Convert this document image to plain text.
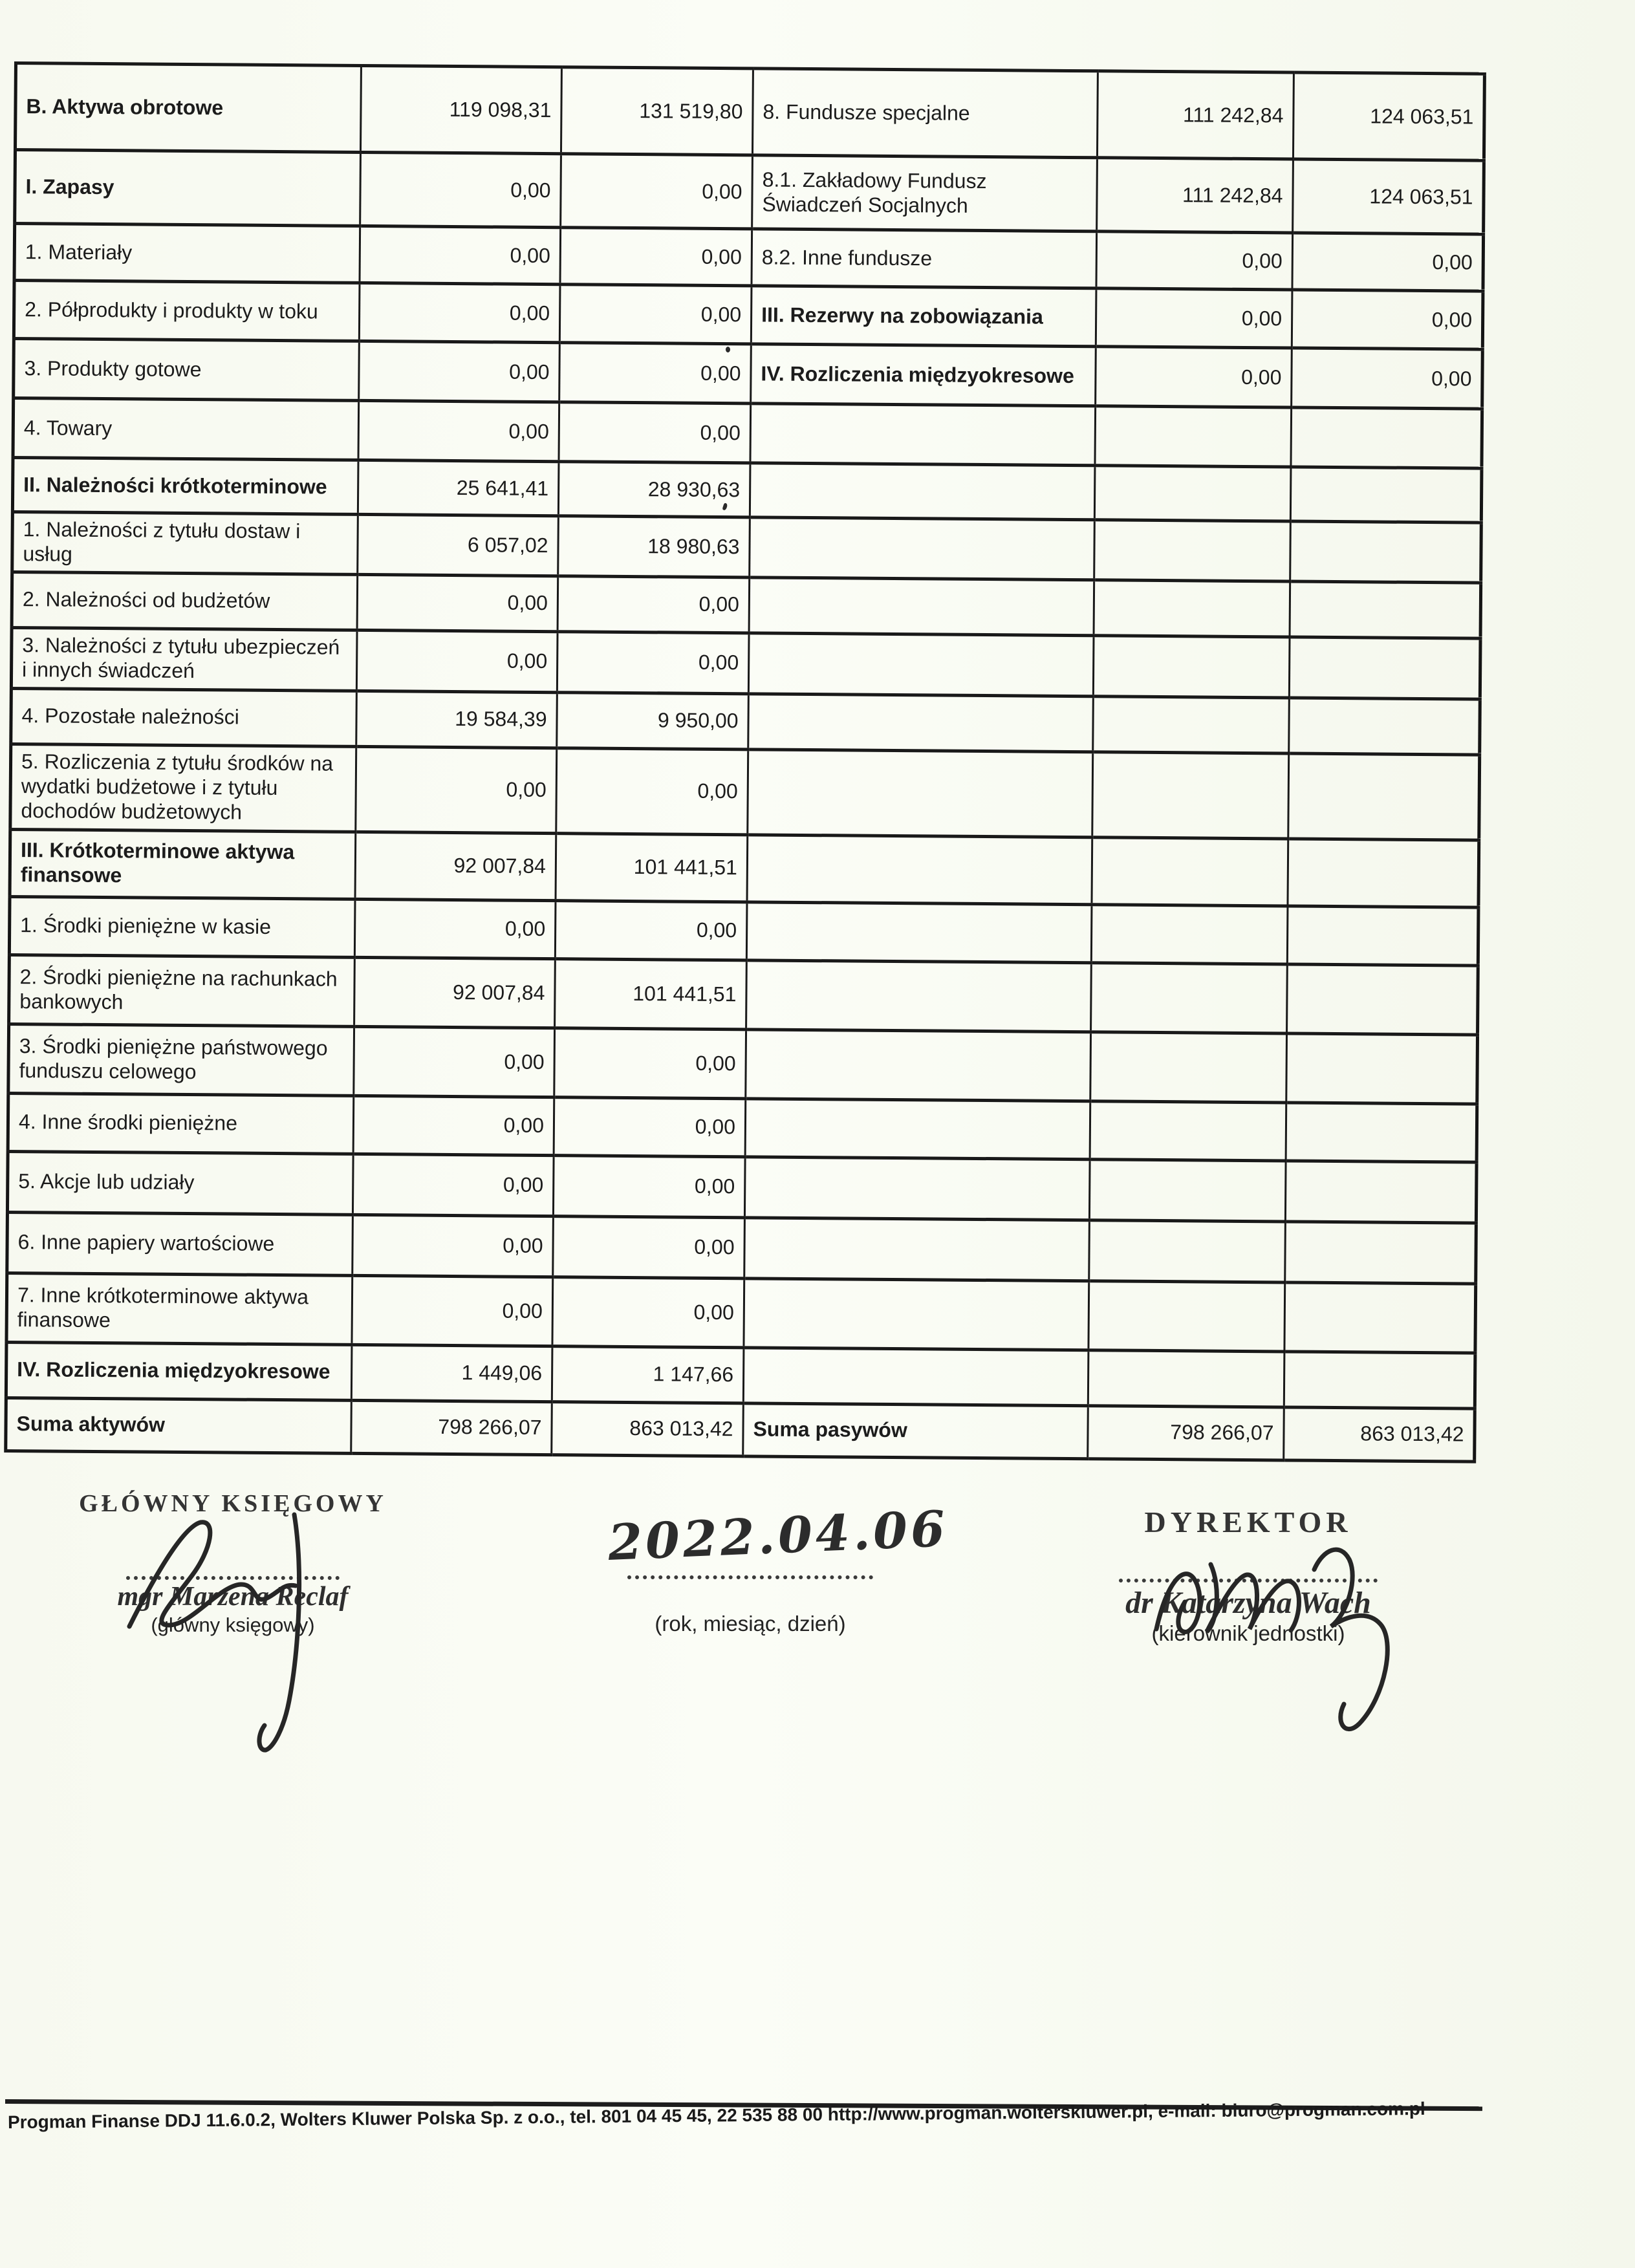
B. Aktywa obrotowe	119 098,31	131 519,80	8. Fundusze specjalne	111 242,84	124 063,51
I. Zapasy	0,00	0,00	8.1. Zakładowy Fundusz Świadczeń Socjalnych	111 242,84	124 063,51
1. Materiały	0,00	0,00	8.2. Inne fundusze	0,00	0,00
2. Półprodukty i produkty w toku	0,00	0,00	III. Rezerwy na zobowiązania	0,00	0,00
3. Produkty gotowe	0,00	0,00	IV. Rozliczenia międzyokresowe	0,00	0,00
4. Towary	0,00	0,00			
II. Należności krótkoterminowe	25 641,41	28 930,63			
1. Należności z tytułu dostaw i usług	6 057,02	18 980,63			
2. Należności od budżetów	0,00	0,00			
3. Należności z tytułu ubezpieczeń i innych świadczeń	0,00	0,00			
4. Pozostałe należności	19 584,39	9 950,00			
5. Rozliczenia z tytułu środków na wydatki budżetowe i z tytułu dochodów budżetowych	0,00	0,00			
III. Krótkoterminowe aktywa finansowe	92 007,84	101 441,51			
1. Środki pieniężne w kasie	0,00	0,00			
2. Środki pieniężne na rachunkach bankowych	92 007,84	101 441,51			
3. Środki pieniężne państwowego funduszu celowego	0,00	0,00			
4. Inne środki pieniężne	0,00	0,00			
5. Akcje lub udziały	0,00	0,00			
6. Inne papiery wartościowe	0,00	0,00			
7. Inne krótkoterminowe aktywa finansowe	0,00	0,00			
IV. Rozliczenia międzyokresowe	1 449,06	1 147,66			
Suma aktywów	798 266,07	863 013,42	Suma pasywów	798 266,07	863 013,42
GŁÓWNY KSIĘGOWY
mgr Marzena Reclaf
(główny księgowy)
2022.04.06
(rok, miesiąc, dzień)
DYREKTOR
dr Katarzyna Wach
(kierownik jednostki)
Progman Finanse DDJ 11.6.0.2, Wolters Kluwer Polska Sp. z o.o., tel. 801 04 45 45, 22 535 88 00 http://www.progman.wolterskluwer.pl, e-mail: biuro@progman.com.pl
